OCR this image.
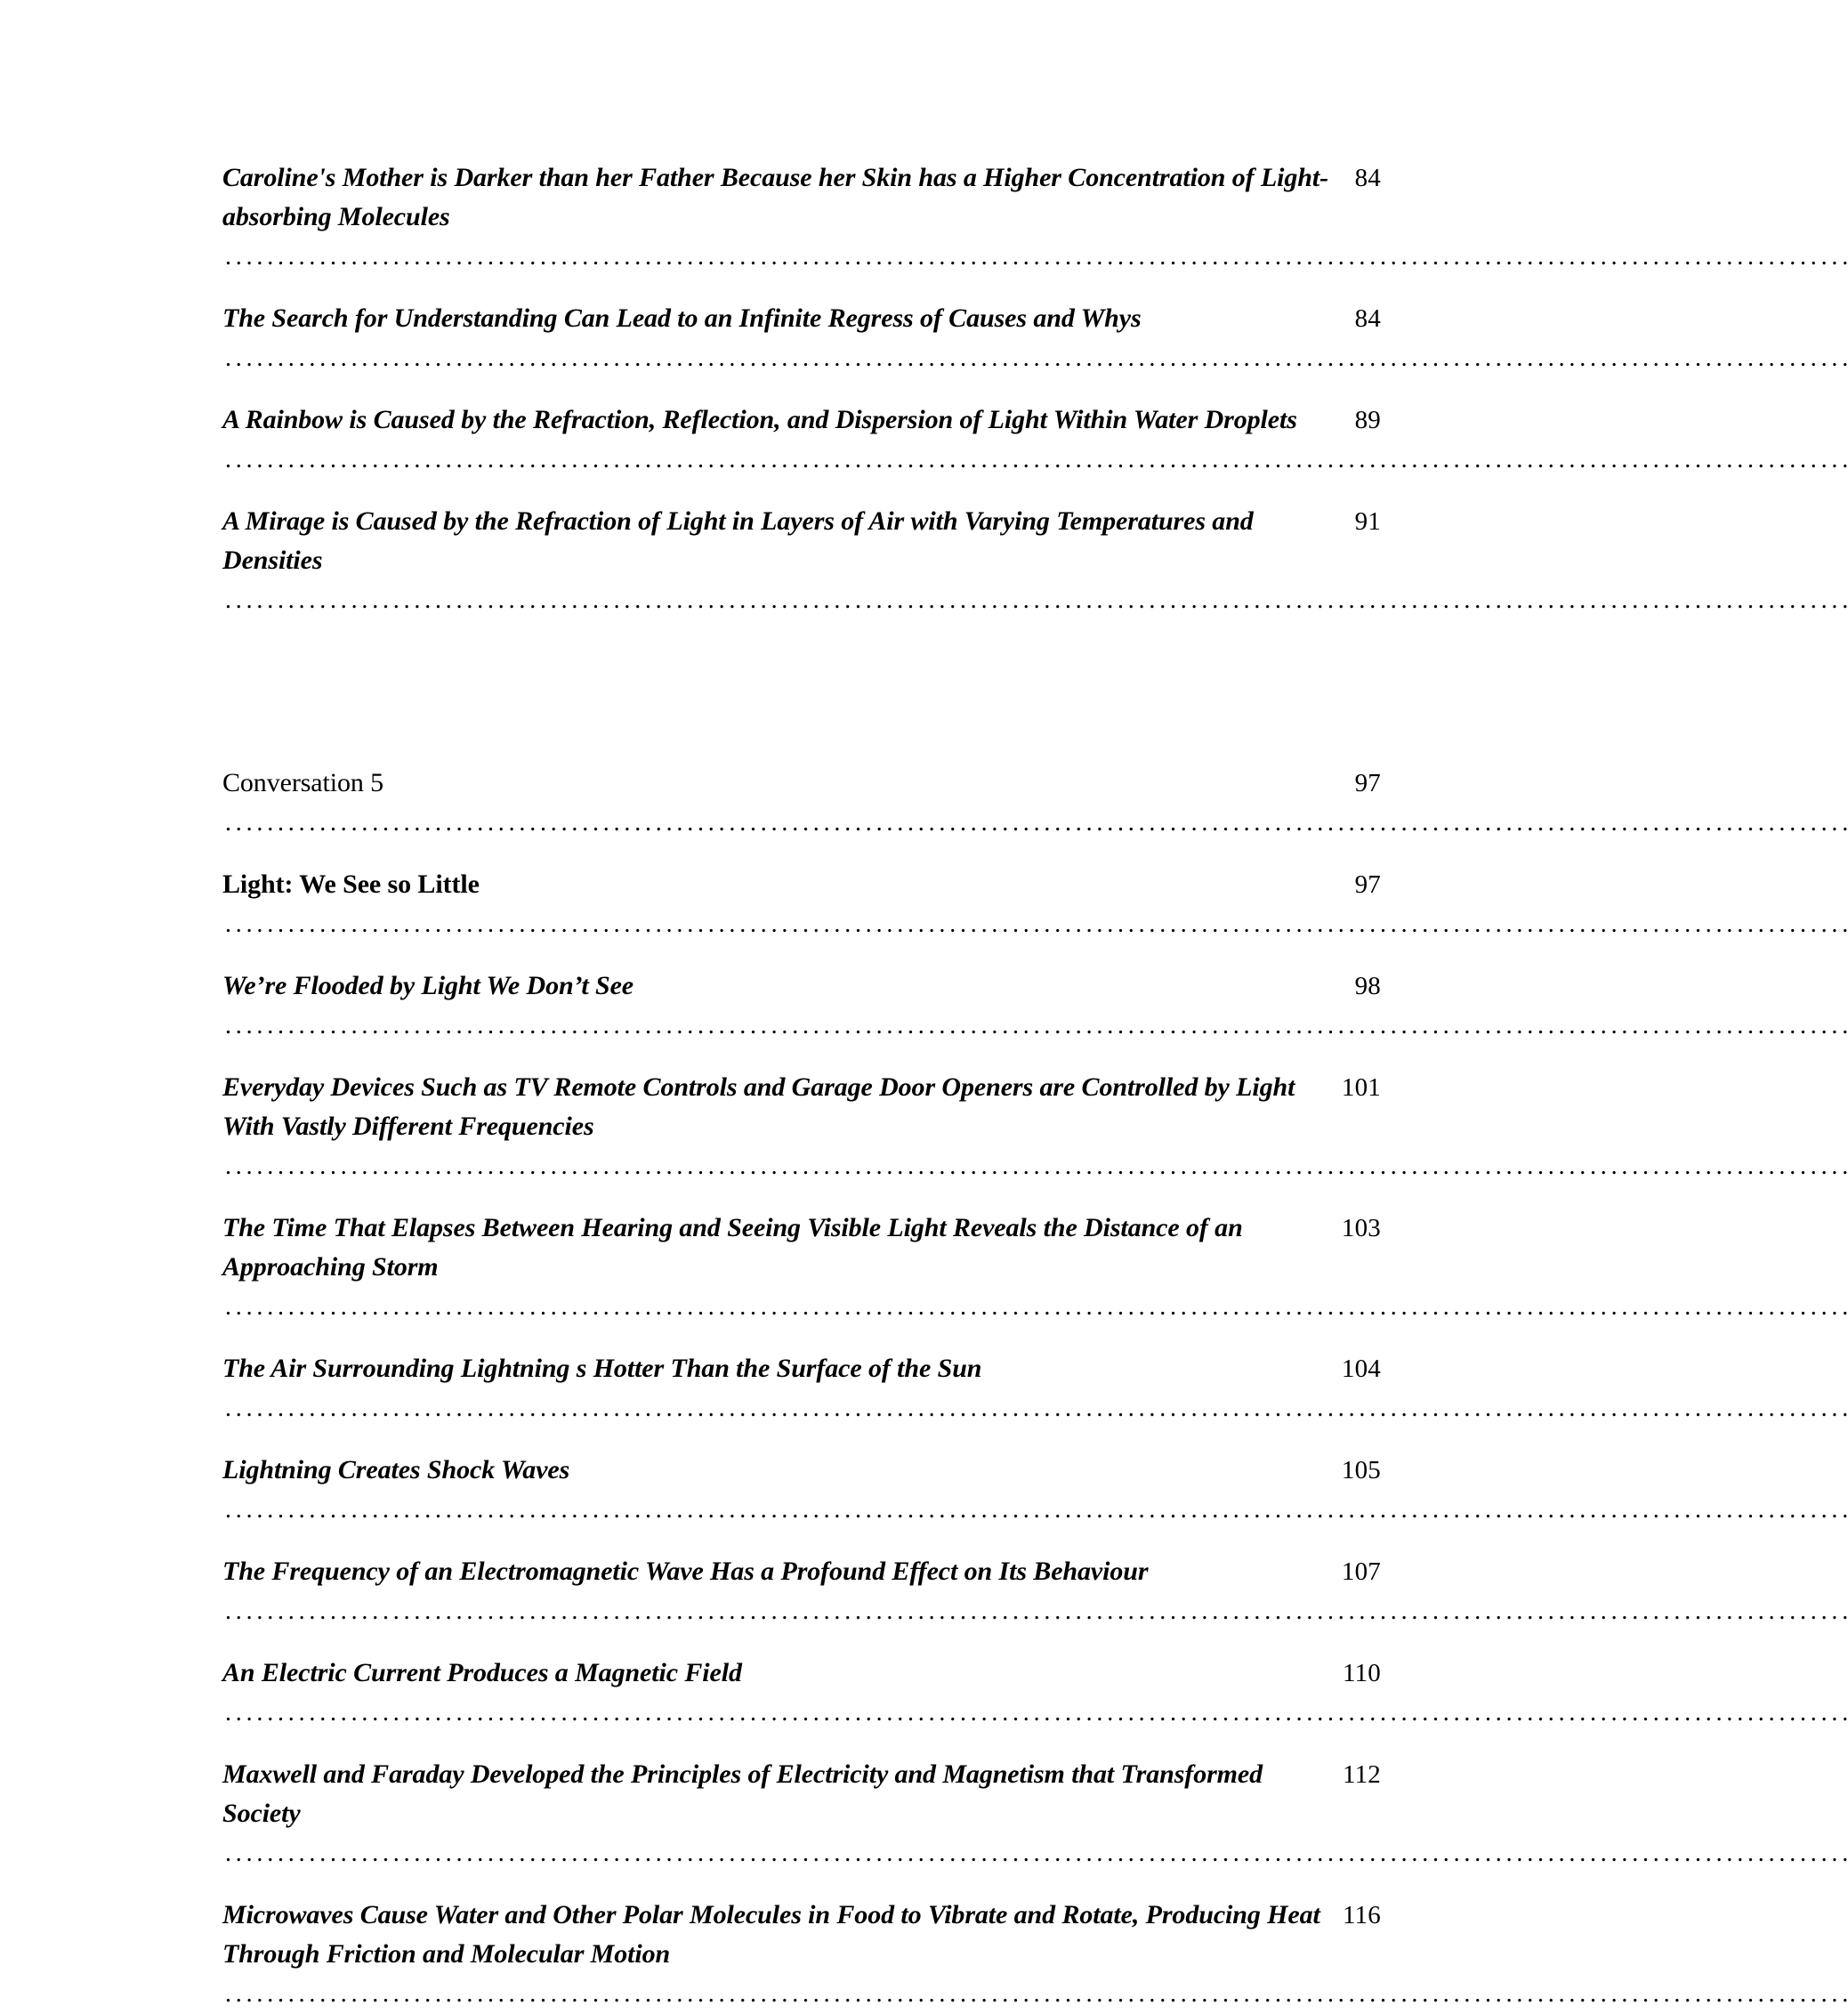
84
Caroline's Mother is Darker than her Father Because her Skin has a Higher Concentration of Light-absorbing Molecules. . .
84
The Search for Understanding Can Lead to an Infinite Regress of Causes and Whys. . .
89
A Rainbow is Caused by the Refraction, Reflection, and Dispersion of Light Within Water Droplets. . .
91
A Mirage is Caused by the Refraction of Light in Layers of Air with Varying Temperatures and Densities. . .
97
Conversation 5. . .
97
Light: We See so Little. . .
98
We’re Flooded by Light We Don’t See. . .
101
Everyday Devices Such as TV Remote Controls and Garage Door Openers are Controlled by Light With Vastly Different Frequencies. . .
103
The Time That Elapses Between Hearing and Seeing Visible Light Reveals the Distance of an Approaching Storm. . .
104
The Air Surrounding Lightning s Hotter Than the Surface of the Sun. . .
105
Lightning Creates Shock Waves. . .
107
The Frequency of an Electromagnetic Wave Has a Profound Effect on Its Behaviour. . .
110
An Electric Current Produces a Magnetic Field. . .
112
Maxwell and Faraday Developed the Principles of Electricity and Magnetism that Transformed Society. . .
116
Microwaves Cause Water and Other Polar Molecules in Food to Vibrate and Rotate, Producing Heat Through Friction and Molecular Motion. . .
